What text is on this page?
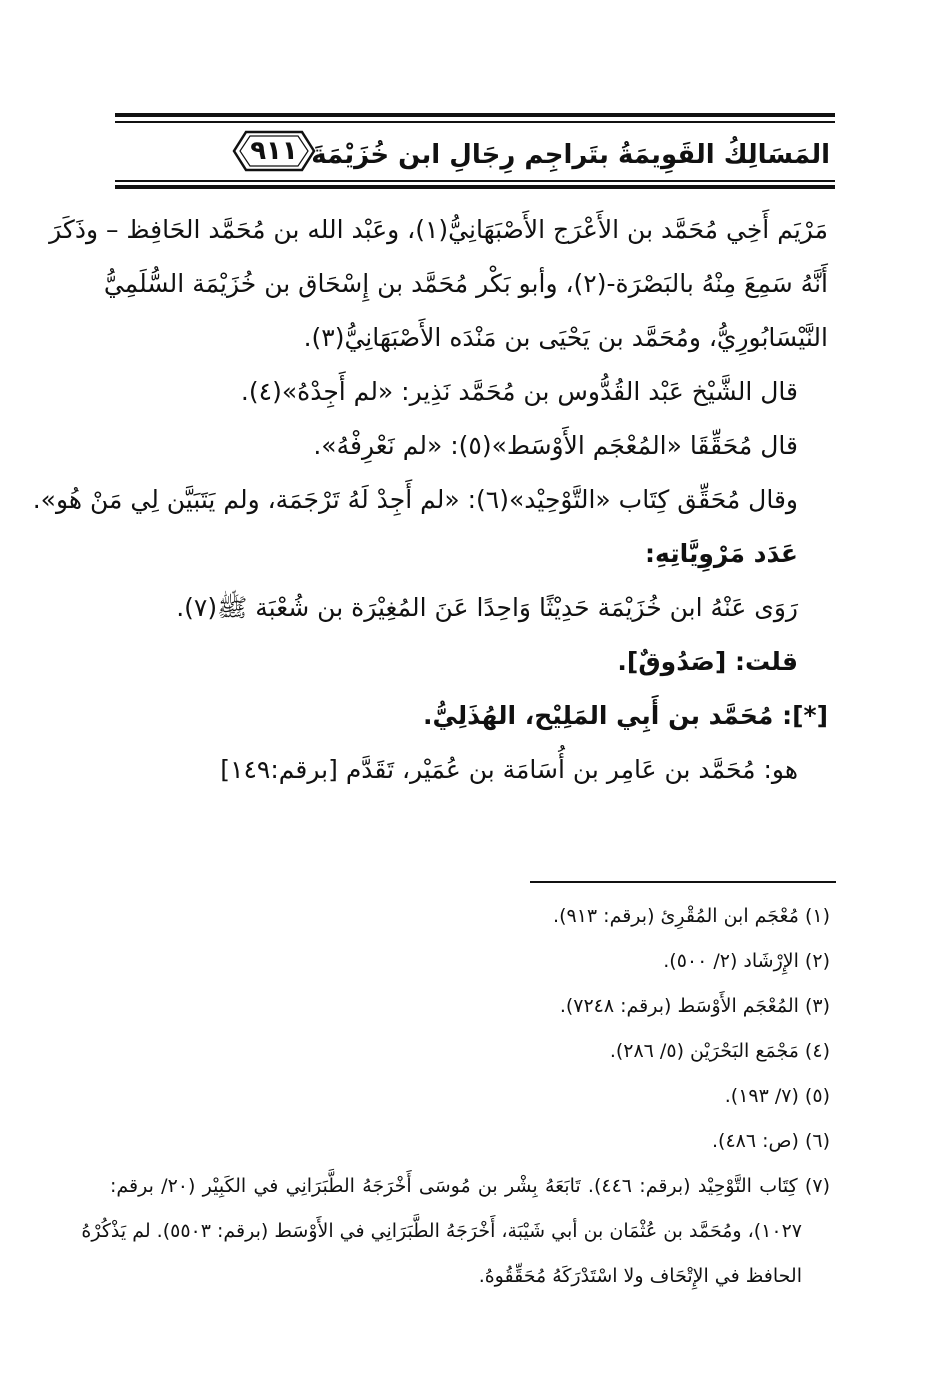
٩١١ المَسَالِكُ القَوِيمَةُ بتَراجِم رِجَالِ ابن خُزَيْمَةَ
مَرْيَم أَخِي مُحَمَّد بن الأَعْرَج الأَصْبَهَانِيُّ(١)، وعَبْد الله بن مُحَمَّد الحَافِظ – وذَكَرَ
أَنَّهُ سَمِعَ مِنْهُ بالبَصْرَة-(٢)، وأبو بَكْر مُحَمَّد بن إِسْحَاق بن خُزَيْمَة السُّلَمِيُّ
النَّيْسَابُورِيُّ، ومُحَمَّد بن يَحْيَى بن مَنْدَه الأَصْبَهَانِيُّ(٣).
قال الشَّيْخ عَبْد القُدُّوس بن مُحَمَّد نَذِير: «لم أَجِدْهُ»(٤).
قال مُحَقِّقَا «المُعْجَم الأَوْسَط»(٥): «لم نَعْرِفْهُ».
وقال مُحَقِّق كِتَاب «التَّوْحِيْد»(٦): «لم أَجِدْ لَهُ تَرْجَمَة، ولم يَتَبَيَّن لِي مَنْ هُو».
عَدَد مَرْوِيَّاتِهِ:
رَوَى عَنْهُ ابن خُزَيْمَة حَدِيْثًا وَاحِدًا عَنَ المُغِيْرَة بن شُعْبَة ﷺ(٧).
قلت: [صَدُوقٌ].
[*]: مُحَمَّد بن أَبِي المَلِيْح، الهُذَلِيُّ.
هو: مُحَمَّد بن عَامِر بن أُسَامَة بن عُمَيْر، تَقَدَّم [برقم:١٤٩]
(١) مُعْجَم ابن المُقْرِئ (برقم: ٩١٣).
(٢) الإِرْشَاد (٢/ ٥٠٠).
(٣) المُعْجَم الأَوْسَط (برقم: ٧٢٤٨).
(٤) مَجْمَع البَحْرَيْن (٥/ ٢٨٦).
(٥) (٧/ ١٩٣).
(٦) (ص: ٤٨٦).
(٧) كِتَاب التَّوْحِيْد (برقم: ٤٤٦). تَابَعَهُ بِشْر بن مُوسَى أَخْرَجَهُ الطَّبَرَانِي في الكَبِيْر (٢٠/ برقم:
١٠٢٧)، ومُحَمَّد بن عُثْمَان بن أبي شَيْبَة، أَخْرَجَهُ الطَّبَرَانِي في الأَوْسَط (برقم: ٥٥٠٣). لم يَذْكُرْهُ
الحافظ في الإِتْحَاف ولا اسْتَدْرَكَهُ مُحَقِّقُوهُ.
